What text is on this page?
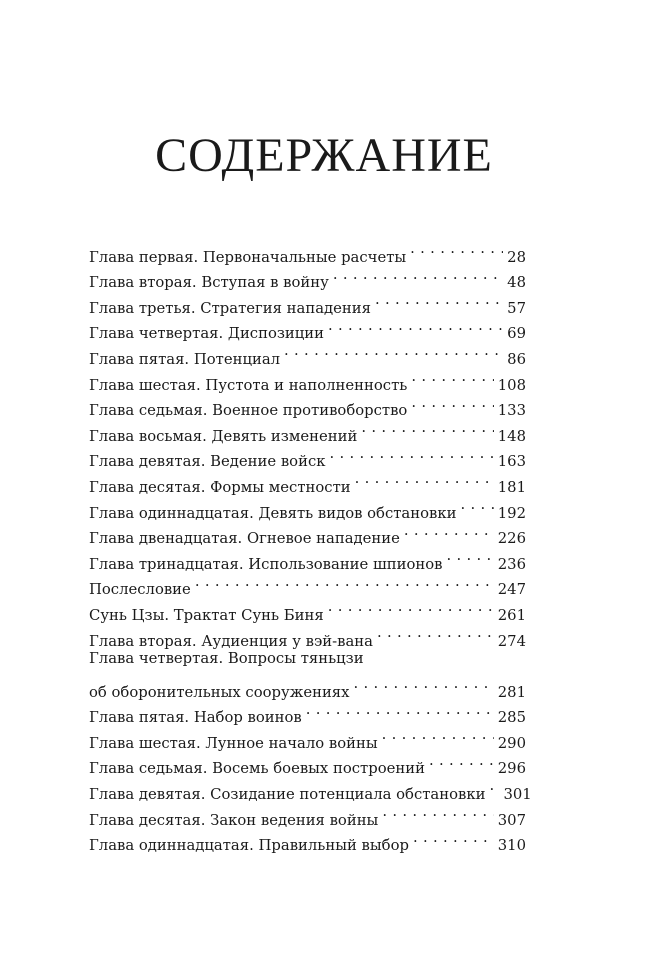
СОДЕРЖАНИЕ
Глава первая. Первоначальные расчеты . . .	28
Глава вторая. Вступая в войну . . .	48
Глава третья. Стратегия нападения . . .	57
Глава четвертая. Диспозиции . . .	69
Глава пятая. Потенциал . . .	86
Глава шестая. Пустота и наполненность . . .	108
Глава седьмая. Военное противоборство . . .	133
Глава восьмая. Девять изменений . . .	148
Глава девятая. Ведение войск . . .	163
Глава десятая. Формы местности . . .	181
Глава одиннадцатая. Девять видов обстановки . . .	192
Глава двенадцатая. Огневое нападение . . .	226
Глава тринадцатая. Использование шпионов . . .	236
Послесловие . . .	247
Сунь Цзы. Трактат Сунь Биня . . .	261
Глава вторая. Аудиенция у вэй-вана . . .	274
Глава четвертая. Вопросы тяньцзи
об оборонительных сооружениях . . .	281
Глава пятая. Набор воинов . . .	285
Глава шестая. Лунное начало войны . . .	290
Глава седьмая. Восемь боевых построений . . .	296
Глава девятая. Созидание потенциала обстановки . . . 301
Глава десятая. Закон ведения войны . . .	307
Глава одиннадцатая. Правильный выбор . . .	310
